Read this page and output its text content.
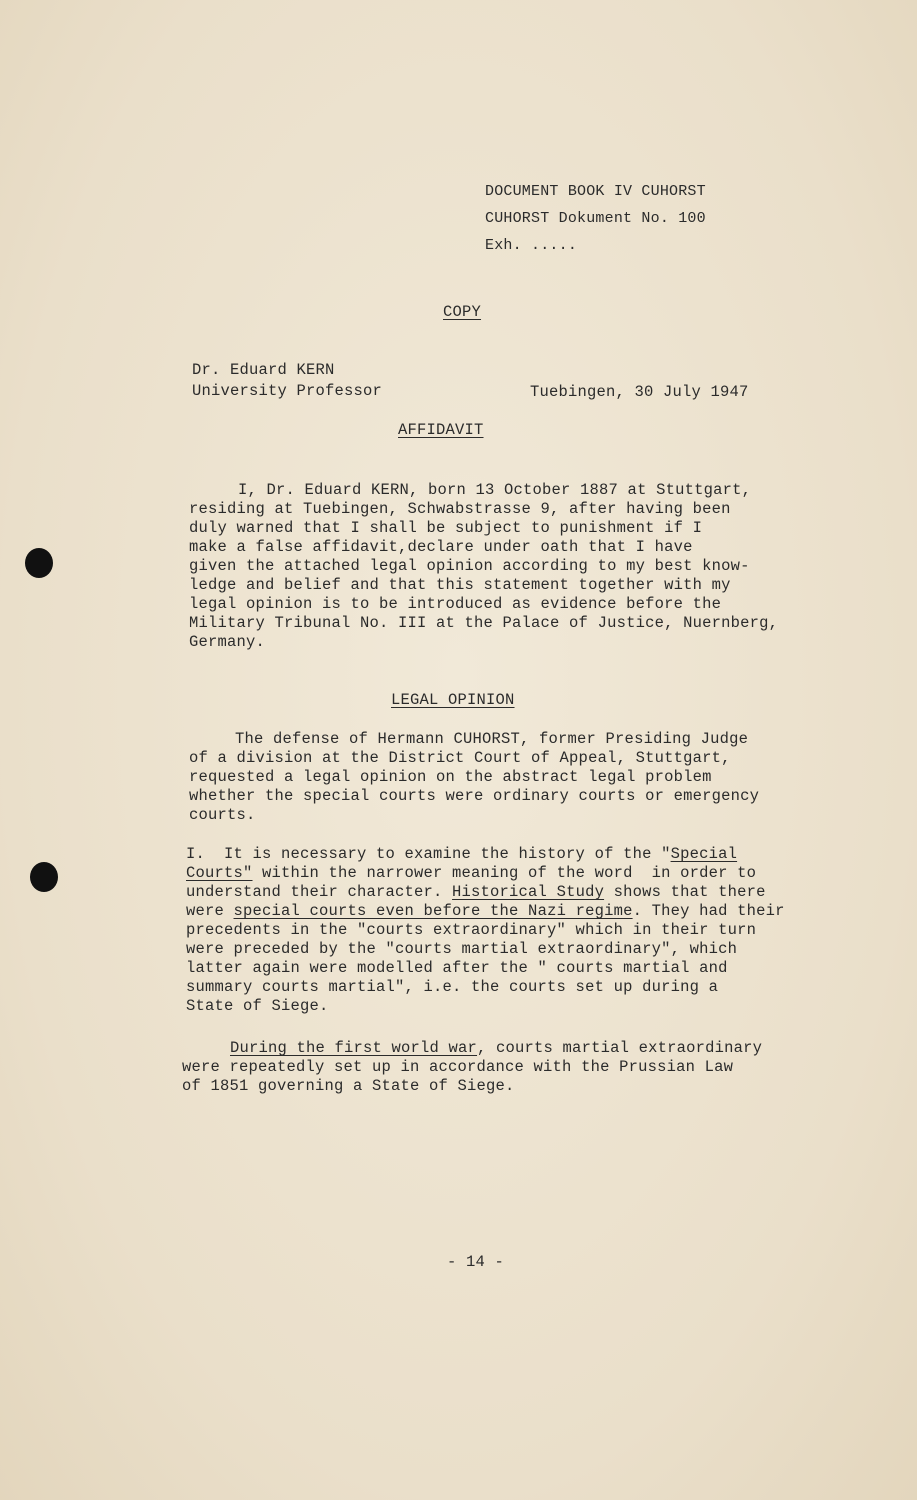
DOCUMENT BOOK IV CUHORST
CUHORST Dokument No. 100
Exh. .....
COPY
Dr. Eduard KERN
University Professor	Tuebingen, 30 July 1947
AFFIDAVIT
I, Dr. Eduard KERN, born 13 October 1887 at Stuttgart,
residing at Tuebingen, Schwabstrasse 9, after having been
duly warned that I shall be subject to punishment if I
make a false affidavit,declare under oath that I have
given the attached legal opinion according to my best know-
ledge and belief and that this statement together with my
legal opinion is to be introduced as evidence before the
Military Tribunal No. III at the Palace of Justice, Nuernberg,
Germany.
LEGAL OPINION
The defense of Hermann CUHORST, former Presiding Judge
of a division at the District Court of Appeal, Stuttgart,
requested a legal opinion on the abstract legal problem
whether the special courts were ordinary courts or emergency
courts.
I.  It is necessary to examine the history of the "Special
Courts" within the narrower meaning of the word  in order to
understand their character. Historical Study shows that there
were special courts even before the Nazi regime. They had their
precedents in the "courts extraordinary" which in their turn
were preceded by the "courts martial extraordinary", which
latter again were modelled after the " courts martial and
summary courts martial", i.e. the courts set up during a
State of Siege.
During the first world war, courts martial extraordinary
were repeatedly set up in accordance with the Prussian Law
of 1851 governing a State of Siege.
- 14 -
